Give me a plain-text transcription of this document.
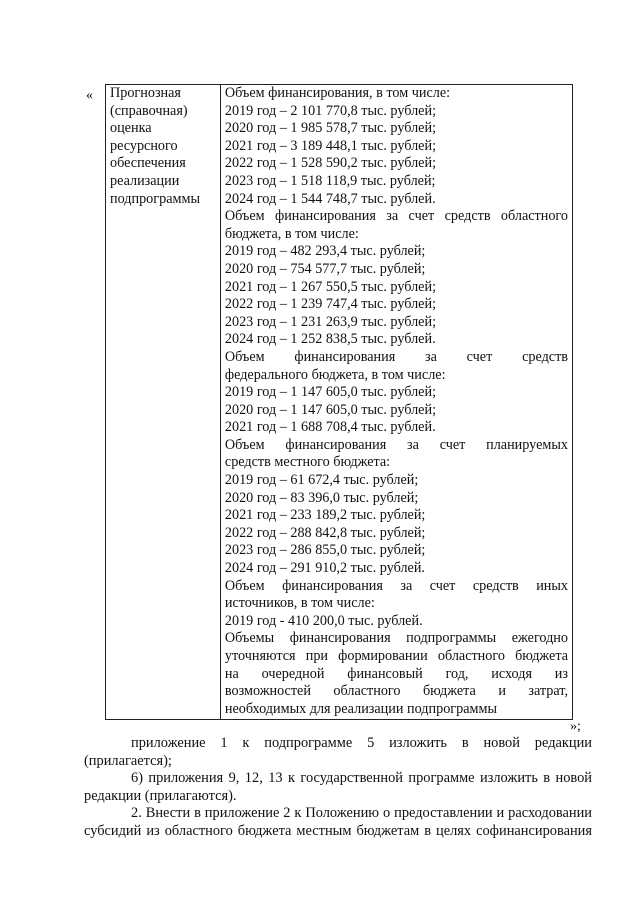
« Прогнозная
(справочная)
оценка
ресурсного
обеспечения
реализации
подпрограммы

Объем финансирования, в том числе:
2019 год – 2 101 770,8 тыс. рублей;
2020 год – 1 985 578,7 тыс. рублей;
2021 год – 3 189 448,1 тыс. рублей;
2022 год – 1 528 590,2 тыс. рублей;
2023 год – 1 518 118,9 тыс. рублей;
2024 год – 1 544 748,7 тыс. рублей.
Объем финансирования за счет средств областного
бюджета, в том числе:
2019 год – 482 293,4 тыс. рублей;
2020 год – 754 577,7 тыс. рублей;
2021 год – 1 267 550,5 тыс. рублей;
2022 год – 1 239 747,4 тыс. рублей;
2023 год – 1 231 263,9 тыс. рублей;
2024 год – 1 252 838,5 тыс. рублей.
Объем финансирования за счет средств
федерального бюджета, в том числе:
2019 год – 1 147 605,0 тыс. рублей;
2020 год – 1 147 605,0 тыс. рублей;
2021 год – 1 688 708,4 тыс. рублей.
Объем финансирования за счет планируемых
средств местного бюджета:
2019 год – 61 672,4 тыс. рублей;
2020 год – 83 396,0 тыс. рублей;
2021 год – 233 189,2 тыс. рублей;
2022 год – 288 842,8 тыс. рублей;
2023 год – 286 855,0 тыс. рублей;
2024 год – 291 910,2 тыс. рублей.
Объем финансирования за счет средств иных
источников, в том числе:
2019 год - 410 200,0 тыс. рублей.
Объемы финансирования подпрограммы ежегодно
уточняются при формировании областного бюджета
на очередной финансовый год, исходя из
возможностей областного бюджета и затрат,
необходимых для реализации подпрограммы
»;
приложение 1 к подпрограмме 5 изложить в новой редакции
(прилагается);
6) приложения 9, 12, 13 к государственной программе изложить в новой
редакции (прилагаются).
2. Внести в приложение 2 к Положению о предоставлении и расходовании
субсидий из областного бюджета местным бюджетам в целях софинансирования
